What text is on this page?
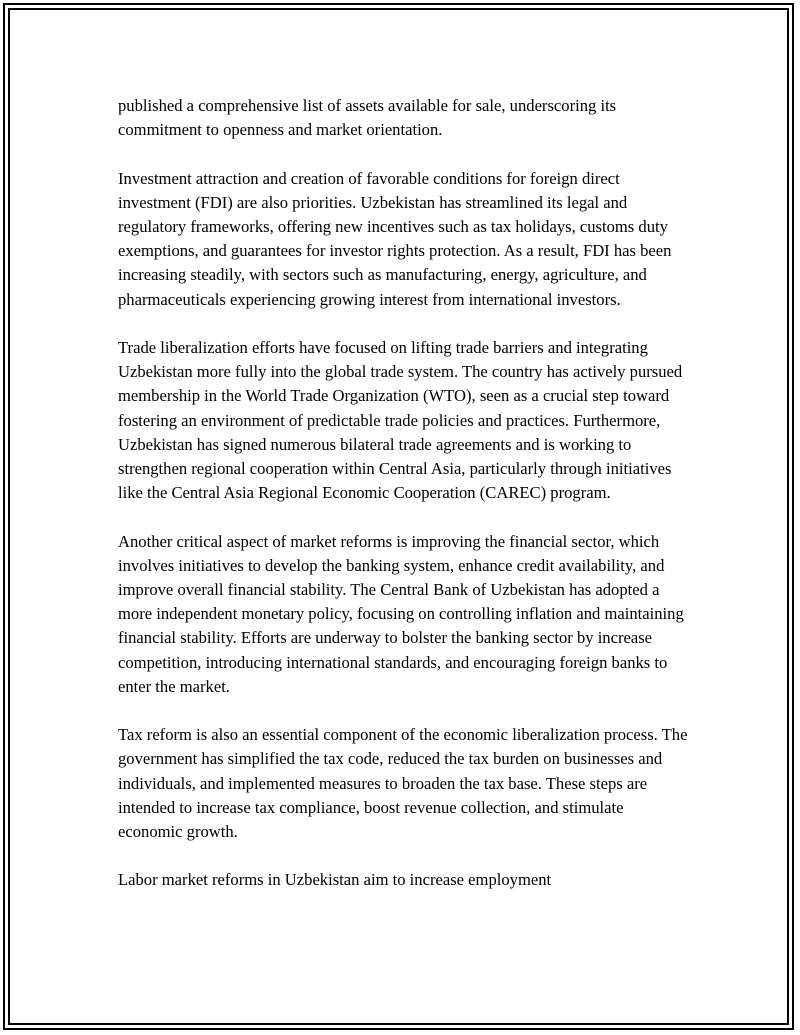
published a comprehensive list of assets available for sale, underscoring its commitment to openness and market orientation.

Investment attraction and creation of favorable conditions for foreign direct investment (FDI) are also priorities. Uzbekistan has streamlined its legal and regulatory frameworks, offering new incentives such as tax holidays, customs duty exemptions, and guarantees for investor rights protection. As a result, FDI has been increasing steadily, with sectors such as manufacturing, energy, agriculture, and pharmaceuticals experiencing growing interest from international investors.

Trade liberalization efforts have focused on lifting trade barriers and integrating Uzbekistan more fully into the global trade system. The country has actively pursued membership in the World Trade Organization (WTO), seen as a crucial step toward fostering an environment of predictable trade policies and practices. Furthermore, Uzbekistan has signed numerous bilateral trade agreements and is working to strengthen regional cooperation within Central Asia, particularly through initiatives like the Central Asia Regional Economic Cooperation (CAREC) program.

Another critical aspect of market reforms is improving the financial sector, which involves initiatives to develop the banking system, enhance credit availability, and improve overall financial stability. The Central Bank of Uzbekistan has adopted a more independent monetary policy, focusing on controlling inflation and maintaining financial stability. Efforts are underway to bolster the banking sector by increase competition, introducing international standards, and encouraging foreign banks to enter the market.

Tax reform is also an essential component of the economic liberalization process. The government has simplified the tax code, reduced the tax burden on businesses and individuals, and implemented measures to broaden the tax base. These steps are intended to increase tax compliance, boost revenue collection, and stimulate economic growth.

Labor market reforms in Uzbekistan aim to increase employment
